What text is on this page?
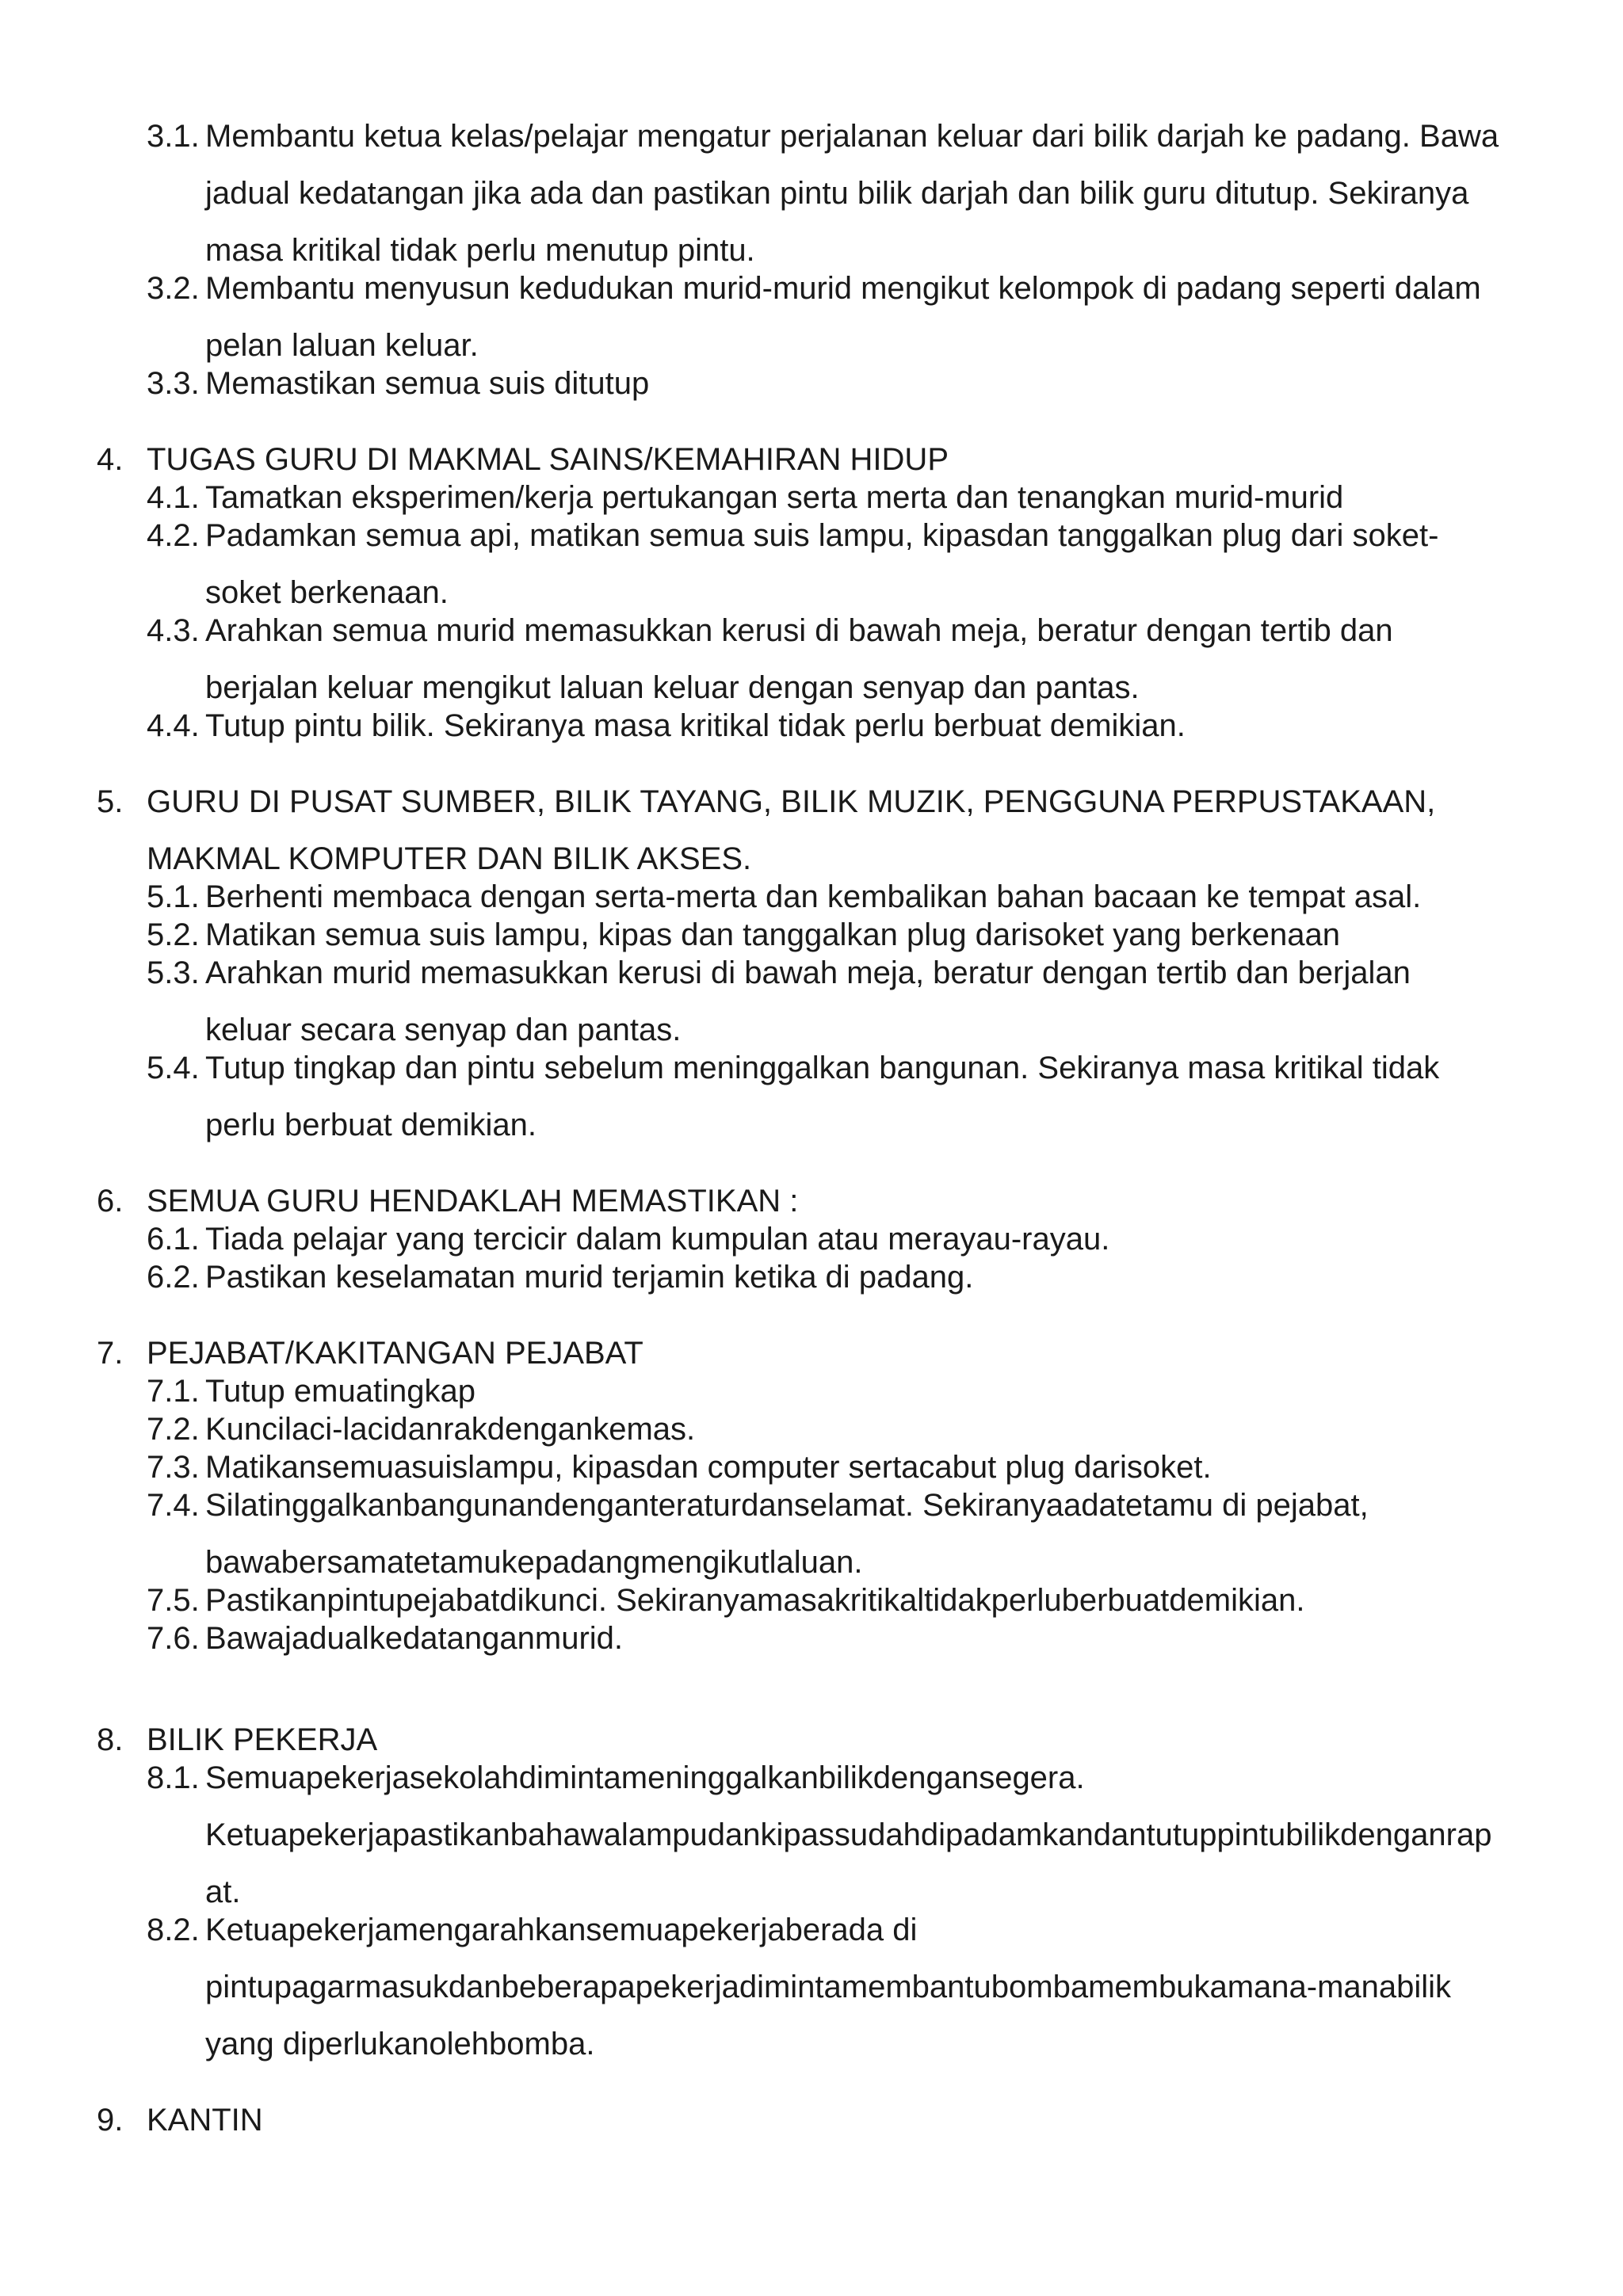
3.1. Membantu ketua kelas/pelajar mengatur perjalanan keluar dari bilik darjah ke padang. Bawa
jadual kedatangan jika ada dan pastikan pintu bilik darjah dan bilik guru ditutup. Sekiranya
masa kritikal tidak perlu menutup pintu.
3.2. Membantu menyusun kedudukan murid-murid mengikut kelompok di padang seperti dalam
pelan laluan keluar.
3.3. Memastikan semua suis ditutup
4. TUGAS GURU DI MAKMAL SAINS/KEMAHIRAN HIDUP
4.1. Tamatkan eksperimen/kerja pertukangan serta merta dan tenangkan murid-murid
4.2. Padamkan semua api, matikan semua suis lampu, kipasdan tanggalkan plug dari soket-
soket berkenaan.
4.3. Arahkan semua murid memasukkan kerusi di bawah meja, beratur dengan tertib dan
berjalan keluar mengikut laluan keluar dengan senyap dan pantas.
4.4. Tutup pintu bilik. Sekiranya masa kritikal tidak perlu berbuat demikian.
5. GURU DI PUSAT SUMBER, BILIK TAYANG, BILIK MUZIK, PENGGUNA PERPUSTAKAAN,
MAKMAL KOMPUTER DAN BILIK AKSES.
5.1. Berhenti membaca dengan serta-merta dan kembalikan bahan bacaan ke tempat asal.
5.2. Matikan semua suis lampu, kipas dan tanggalkan plug darisoket yang berkenaan
5.3. Arahkan murid memasukkan kerusi di bawah meja, beratur dengan tertib dan berjalan
keluar secara senyap dan pantas.
5.4. Tutup tingkap dan pintu sebelum meninggalkan bangunan. Sekiranya masa kritikal tidak
perlu berbuat demikian.
6. SEMUA GURU HENDAKLAH MEMASTIKAN :
6.1. Tiada pelajar yang tercicir dalam kumpulan atau merayau-rayau.
6.2. Pastikan keselamatan murid terjamin ketika di padang.
7. PEJABAT/KAKITANGAN PEJABAT
7.1. Tutup emuatingkap
7.2. Kuncilaci-lacidanrakdengankemas.
7.3. Matikansemuasuislampu, kipasdan computer sertacabut plug darisoket.
7.4. Silatinggalkanbangunandenganteraturdanselamat. Sekiranyaadatetamu di pejabat,
bawabersamatetamukepadangmengikutlaluan.
7.5. Pastikanpintupejabatdikunci. Sekiranyamasakritikaltidakperluberbuatdemikian.
7.6. Bawajadualkedatanganmurid.
8. BILIK PEKERJA
8.1. Semuapekerjasekolahdimintameninggalkanbilikdengansegera.
Ketuapekerjapastikanbahawalampudankipassudahdipadamkandantutuppintubilikdenganrap
at.
8.2. Ketuapekerjamengarahkansemuapekerjaberada di
pintupagarmasukdanbeberapapekerjadimintamembantubombamembukamana-manabilik
yang diperlukanolehbomba.
9. KANTIN
